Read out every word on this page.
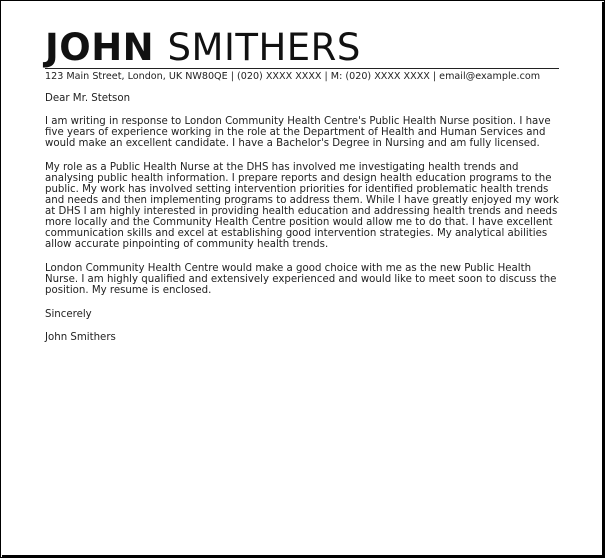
JOHN SMITHERS
123 Main Street, London, UK NW80QE | (020) XXXX XXXX | M: (020) XXXX XXXX | email@example.com

Dear Mr. Stetson

I am writing in response to London Community Health Centre's Public Health Nurse position. I have five years of experience working in the role at the Department of Health and Human Services and would make an excellent candidate. I have a Bachelor's Degree in Nursing and am fully licensed.

My role as a Public Health Nurse at the DHS has involved me investigating health trends and analysing public health information. I prepare reports and design health education programs to the public. My work has involved setting intervention priorities for identified problematic health trends and needs and then implementing programs to address them. While I have greatly enjoyed my work at DHS I am highly interested in providing health education and addressing health trends and needs more locally and the Community Health Centre position would allow me to do that. I have excellent communication skills and excel at establishing good intervention strategies. My analytical abilities allow accurate pinpointing of community health trends.

London Community Health Centre would make a good choice with me as the new Public Health Nurse. I am highly qualified and extensively experienced and would like to meet soon to discuss the position. My resume is enclosed.

Sincerely

John Smithers
